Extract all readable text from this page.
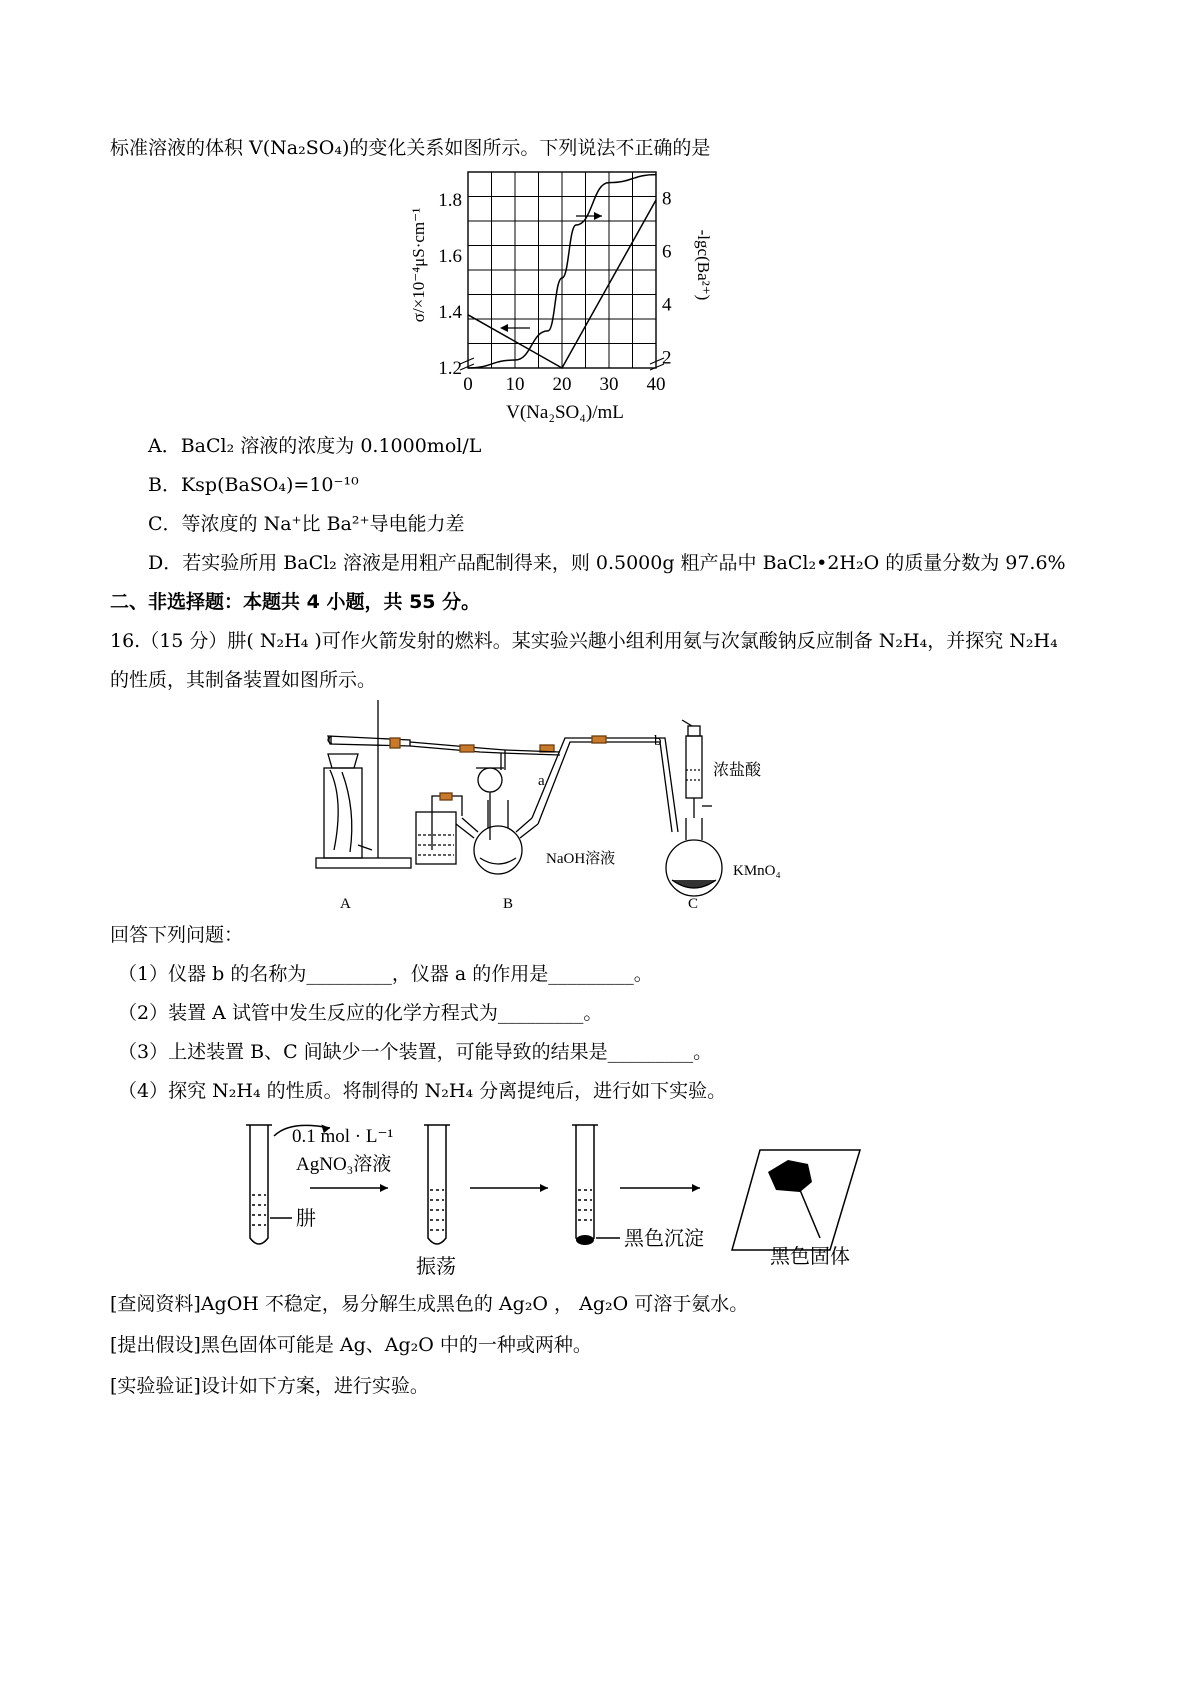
标准溶液的体积 V(Na₂SO₄)的变化关系如图所示。下列说法不正确的是
0 10 20 30 40
1.2
1.4
1.6
1.8
2
4
6
8
V(Na₂SO₄)/mL
σ/×10⁻⁴μS·cm⁻¹	-lgc(Ba²⁺)
A．BaCl₂ 溶液的浓度为 0.1000mol/L
B．Ksp(BaSO₄)=10⁻¹⁰
C．等浓度的 Na⁺比 Ba²⁺导电能力差
D．若实验所用 BaCl₂ 溶液是用粗产品配制得来，则 0.5000g 粗产品中 BaCl₂•2H₂O 的质量分数为 97.6%
二、非选择题：本题共 4 小题，共 55 分。
16.（15 分）肼( N₂H₄ )可作火箭发射的燃料。某实验兴趣小组利用氨与次氯酸钠反应制备 N₂H₄，并探究 N₂H₄
的性质，其制备装置如图所示。
a
b
浓盐酸
NaOH溶液
KMnO₄
A	B	C
回答下列问题：
（1）仪器 b 的名称为_________，仪器 a 的作用是_________。
（2）装置 A 试管中发生反应的化学方程式为_________。
（3）上述装置 B、C 间缺少一个装置，可能导致的结果是_________。
（4）探究 N₂H₄ 的性质。将制得的 N₂H₄ 分离提纯后，进行如下实验。
0.1 mol · L⁻¹
AgNO₃溶液
肼
振荡
黑色沉淀
黑色固体
[查阅资料]AgOH 不稳定，易分解生成黑色的 Ag₂O ， Ag₂O 可溶于氨水。
[提出假设]黑色固体可能是 Ag、Ag₂O 中的一种或两种。
[实验验证]设计如下方案，进行实验。
